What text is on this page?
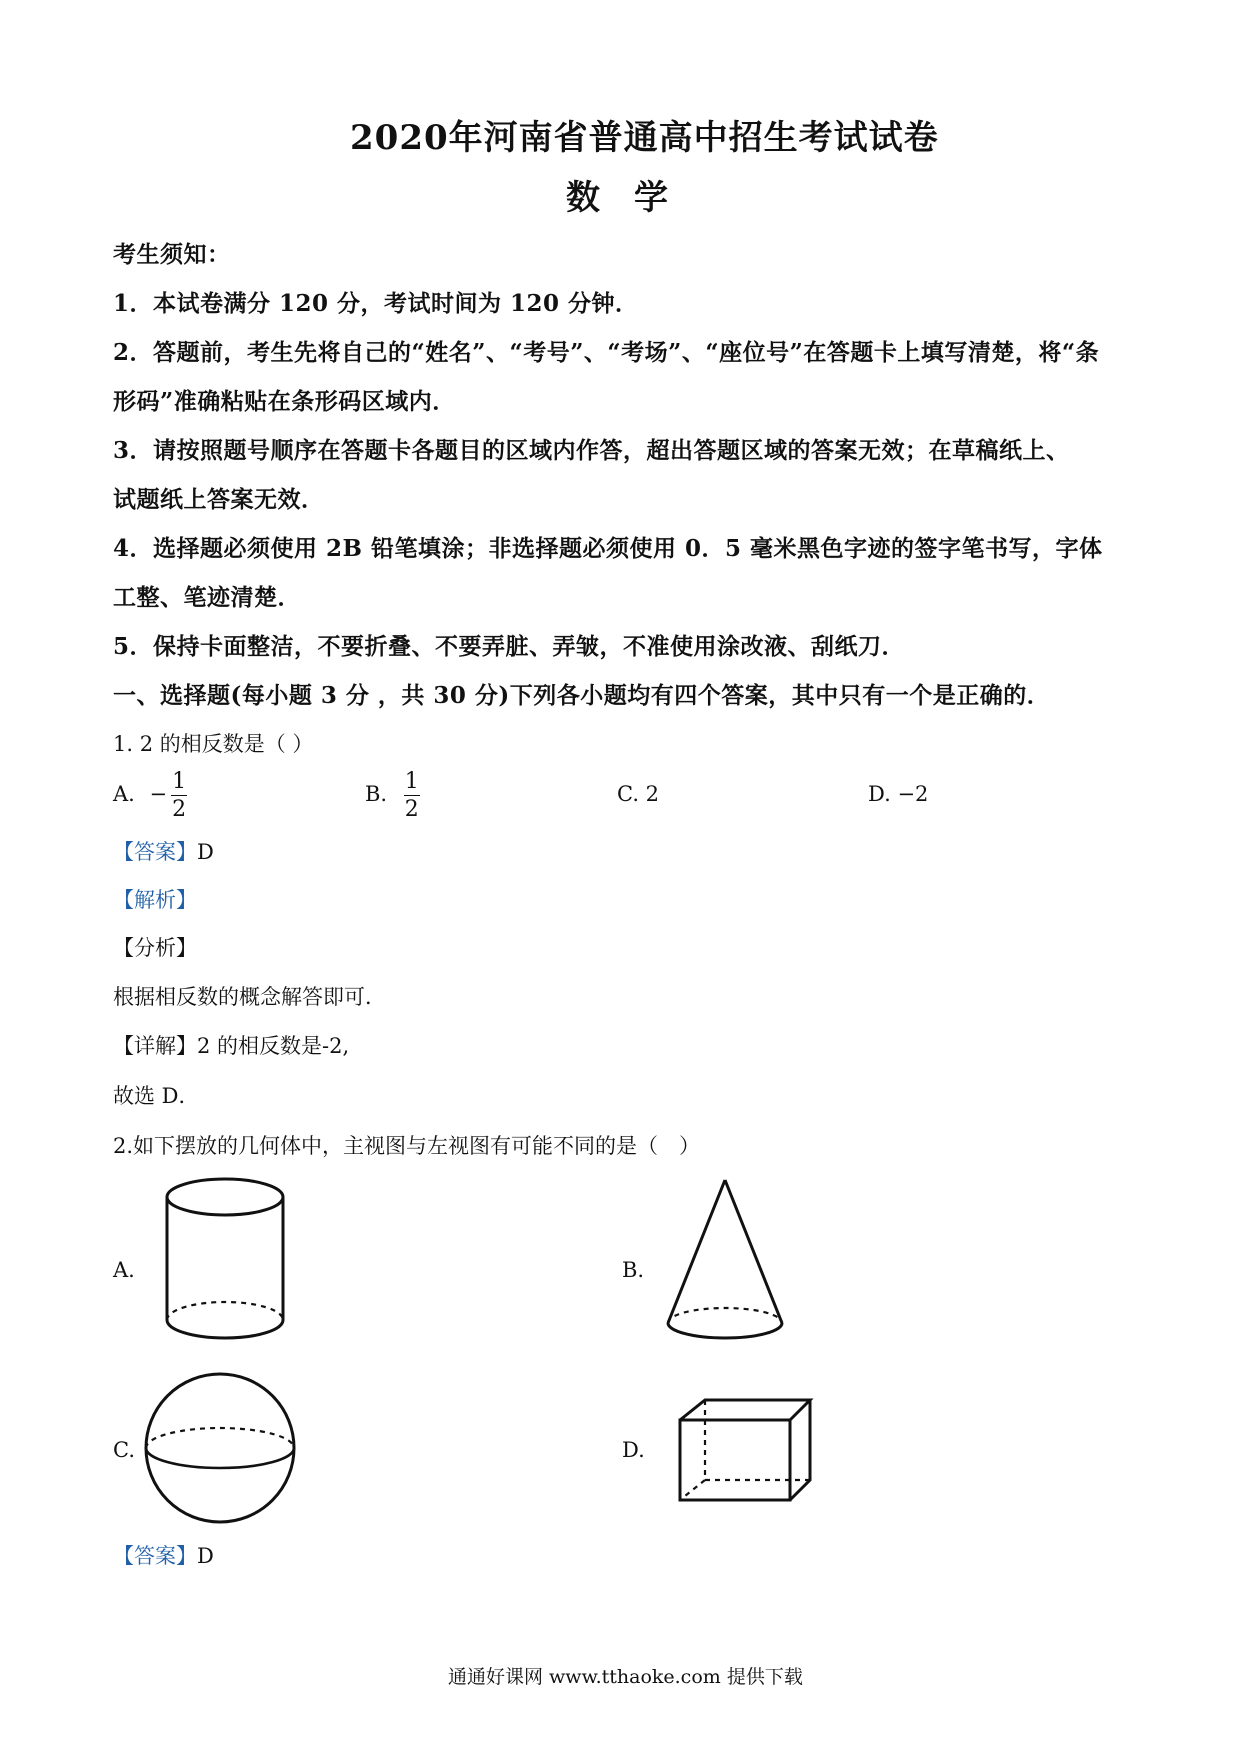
2020年河南省普通高中招生考试试卷
数　学
考生须知：
1．本试卷满分 120 分，考试时间为 120 分钟．
2．答题前，考生先将自己的“姓名”、“考号”、“考场”、“座位号”在答题卡上填写清楚，将“条
形码”准确粘贴在条形码区域内．
3．请按照题号顺序在答题卡各题目的区域内作答，超出答题区域的答案无效；在草稿纸上、
试题纸上答案无效．
4．选择题必须使用 2B 铅笔填涂；非选择题必须使用 0．5 毫米黑色字迹的签字笔书写，字体
工整、笔迹清楚．
5．保持卡面整洁，不要折叠、不要弄脏、弄皱，不准使用涂改液、刮纸刀．
一、选择题(每小题 3 分 ，共 30 分)下列各小题均有四个答案，其中只有一个是正确的．
1. 2 的相反数是（ ）
A. − $\frac{1}{2}$	B. $\frac{1}{2}$	C. 2	D. −2
【答案】D
【解析】
【分析】
根据相反数的概念解答即可．
【详解】2 的相反数是-2,
故选 D．
2.如下摆放的几何体中，主视图与左视图有可能不同的是（　）
A.	B.
C.	D.
【答案】D
通通好课网 www.tthaoke.com 提供下载
